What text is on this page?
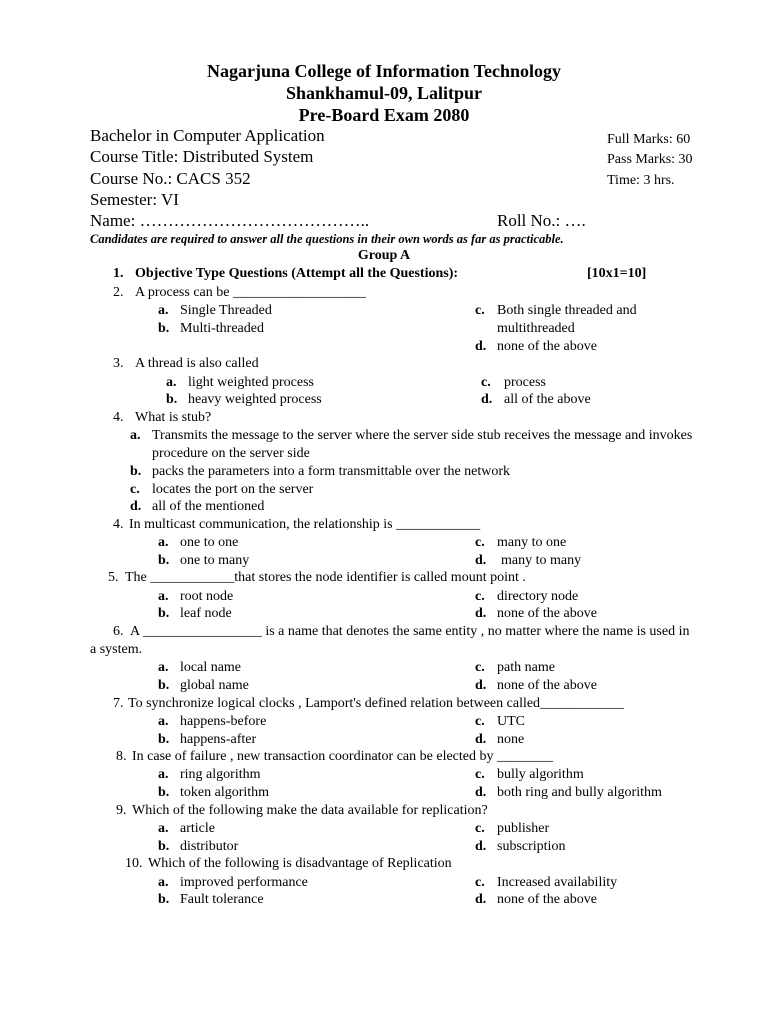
Nagarjuna College of Information Technology
Shankhamul-09, Lalitpur
Pre-Board Exam 2080
Bachelor in Computer Application
Course Title: Distributed System
Course No.: CACS 352
Semester: VI
Name: …………………………………..	Roll No.: ….
Full Marks: 60
Pass Marks: 30
Time: 3 hrs.
Candidates are required to answer all the questions in their own words as far as practicable.
Group A
1. Objective Type Questions (Attempt all the Questions):	[10x1=10]
2. A process can be ___________________
a. Single Threaded
b. Multi-threaded
c. Both single threaded and
multithreaded
d. none of the above
3. A thread is also called
a. light weighted process
b. heavy weighted process
c. process
d. all of the above
4. What is stub?
a. Transmits the message to the server where the server side stub receives the message and invokes
procedure on the server side
b. packs the parameters into a form transmittable over the network
c. locates the port on the server
d. all of the mentioned
4. In multicast communication, the relationship is ____________
a. one to one
b. one to many
c. many to one
d. many to many
5. The ____________that stores the node identifier is called mount point .
a. root node
b. leaf node
c. directory node
d. none of the above
6. A _________________ is a name that denotes the same entity , no matter where the name is used in
a system.
a. local name
b. global name
c. path name
d. none of the above
7. To synchronize logical clocks , Lamport's defined relation between called____________
a. happens-before
b. happens-after
c. UTC
d. none
8. In case of failure , new transaction coordinator can be elected by ________
a. ring algorithm
b. token algorithm
c. bully algorithm
d. both ring and bully algorithm
9. Which of the following make the data available for replication?
a. article
b. distributor
c. publisher
d. subscription
10. Which of the following is disadvantage of Replication
a. improved performance
b. Fault tolerance
c. Increased availability
d. none of the above
